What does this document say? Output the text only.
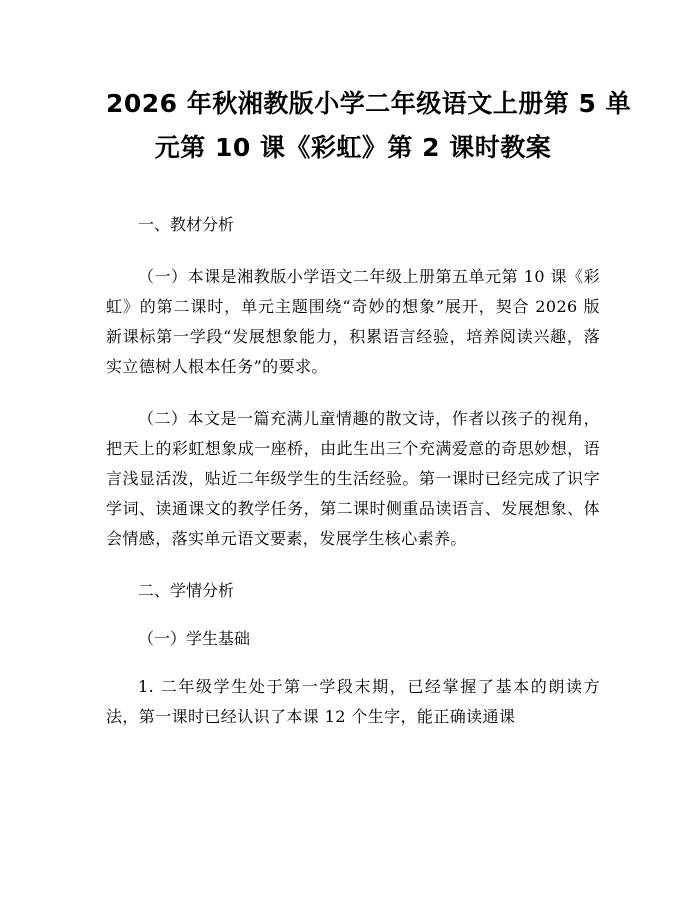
2026 年秋湘教版小学二年级语文上册第 5 单
元第 10 课《彩虹》第 2 课时教案

一、教材分析

（一）本课是湘教版小学语文二年级上册第五单元第 10 课《彩虹》的第二课时，单元主题围绕“奇妙的想象”展开，契合 2026 版新课标第一学段“发展想象能力，积累语言经验，培养阅读兴趣，落实立德树人根本任务”的要求。

（二）本文是一篇充满儿童情趣的散文诗，作者以孩子的视角，把天上的彩虹想象成一座桥，由此生出三个充满爱意的奇思妙想，语言浅显活泼，贴近二年级学生的生活经验。第一课时已经完成了识字学词、读通课文的教学任务，第二课时侧重品读语言、发展想象、体会情感，落实单元语文要素，发展学生核心素养。

二、学情分析

（一）学生基础

1. 二年级学生处于第一学段末期，已经掌握了基本的朗读方法，第一课时已经认识了本课 12 个生字，能正确读通课
